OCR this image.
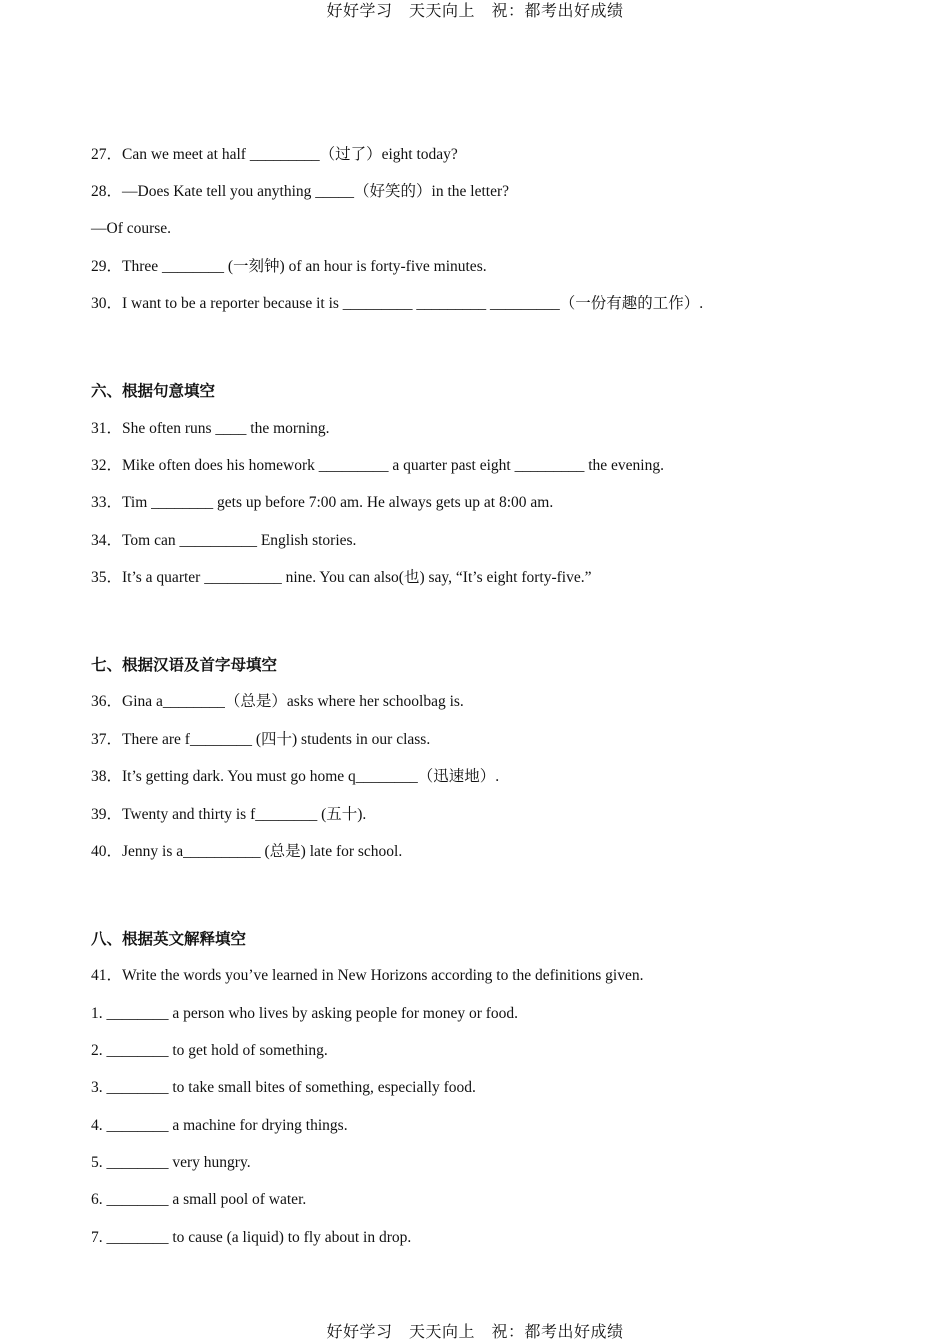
好好学习　天天向上　祝：都考出好成绩
27．Can we meet at half _________（过了）eight today?
28．—Does Kate tell you anything _____（好笑的）in the letter?
—Of course.
29．Three ________ (一刻钟) of an hour is forty-five minutes.
30．I want to be a reporter because it is _________ _________ _________（一份有趣的工作）.
六、根据句意填空
31．She often runs ____ the morning.
32．Mike often does his homework _________ a quarter past eight _________ the evening.
33．Tim ________ gets up before 7:00 am. He always gets up at 8:00 am.
34．Tom can __________ English stories.
35．It’s a quarter __________ nine. You can also(也) say, “It’s eight forty-five.”
七、根据汉语及首字母填空
36．Gina a________（总是）asks where her schoolbag is.
37．There are f________ (四十) students in our class.
38．It’s getting dark. You must go home q________（迅速地）.
39．Twenty and thirty is f________ (五十).
40．Jenny is a__________ (总是) late for school.
八、根据英文解释填空
41．Write the words you’ve learned in New Horizons according to the definitions given.
1. ________ a person who lives by asking people for money or food.
2. ________ to get hold of something.
3. ________ to take small bites of something, especially food.
4. ________ a machine for drying things.
5. ________ very hungry.
6. ________ a small pool of water.
7. ________ to cause (a liquid) to fly about in drop.
好好学习　天天向上　祝：都考出好成绩
